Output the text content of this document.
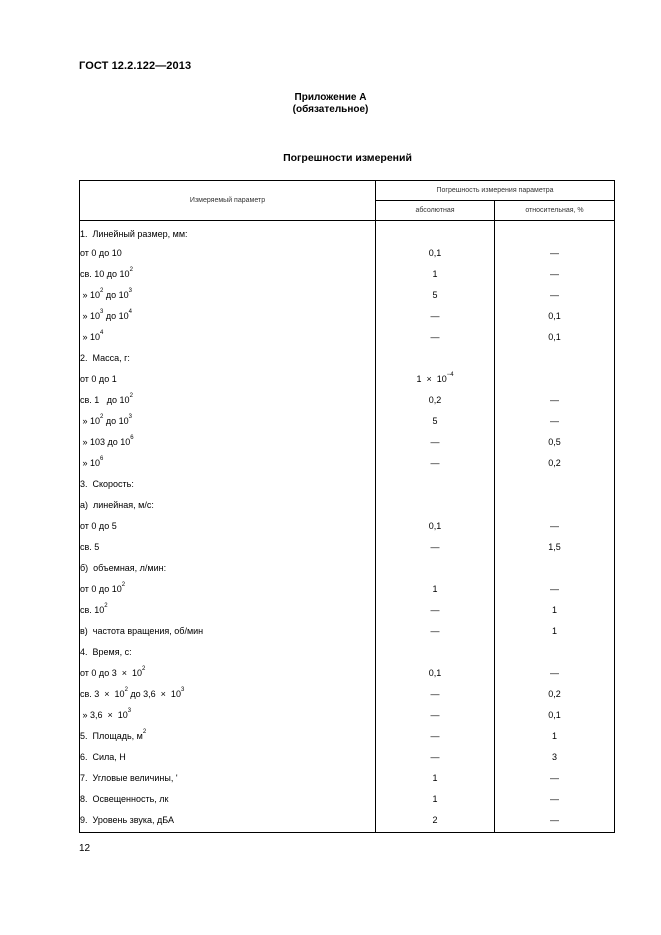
ГОСТ 12.2.122—2013
Приложение А
(обязательное)
Погрешности измерений
Измеряемый параметр	Погрешность измерения параметра	
	абсолютная	относительная, %
1.  Линейный размер, мм:		
от 0 до 10	0,1	—
св. 10 до $10^2$	1	—
» $10^2$ до $10^3$	5	—
» $10^3$ до $10^4$	—	0,1
» $10^4$	—	0,1
2.  Масса, г:		
от 0 до 1	$1 \times 10^{-4}$	
св. 1   до $10^2$	0,2	—
» $10^2$ до $10^3$	5	—
» 103 до $10^6$	—	0,5
» $10^6$	—	0,2
3.  Скорость:		
а)  линейная, м/с:		
от 0 до 5	0,1	—
св. 5	—	1,5
б)  объемная, л/мин:		
от 0 до $10^2$	1	—
св. $10^2$	—	1
в)  частота вращения, об/мин	—	1
4.  Время, с:		
от 0 до $3 \times 10^2$	0,1	—
св. $3 \times 10^2$ до $3,6 \times 10^3$	—	0,2
» $3,6 \times 10^3$	—	0,1
5.  Площадь, $м^2$	—	1
6.  Сила, Н	—	3
7.  Угловые величины, ʹ	1	—
8.  Освещенность, лк	1	—
9.  Уровень звука, дБА	2	—
12
